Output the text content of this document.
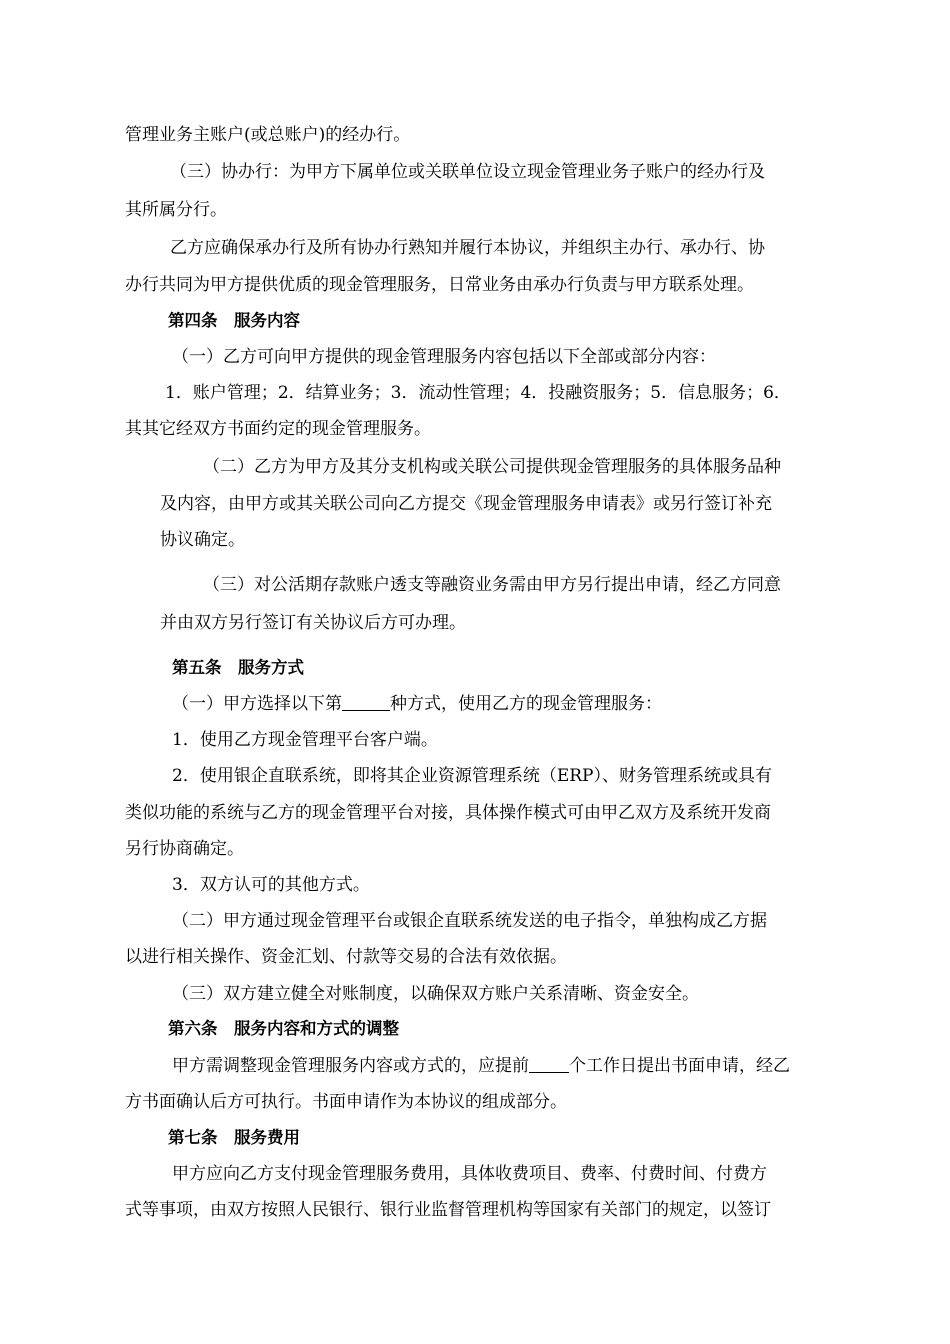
管理业务主账户(或总账户)的经办行。
（三）协办行：为甲方下属单位或关联单位设立现金管理业务子账户的经办行及
其所属分行。
乙方应确保承办行及所有协办行熟知并履行本协议，并组织主办行、承办行、协
办行共同为甲方提供优质的现金管理服务，日常业务由承办行负责与甲方联系处理。
第四条　服务内容
（一）乙方可向甲方提供的现金管理服务内容包括以下全部或部分内容：
1．账户管理；2．结算业务；3．流动性管理；4．投融资服务；5．信息服务；6．
其其它经双方书面约定的现金管理服务。
（二）乙方为甲方及其分支机构或关联公司提供现金管理服务的具体服务品种
及内容，由甲方或其关联公司向乙方提交《现金管理服务申请表》或另行签订补充
协议确定。
（三）对公活期存款账户透支等融资业务需由甲方另行提出申请，经乙方同意
并由双方另行签订有关协议后方可办理。
第五条　服务方式
（一）甲方选择以下第	种方式，使用乙方的现金管理服务：
1．使用乙方现金管理平台客户端。
2．使用银企直联系统，即将其企业资源管理系统（ERP）、财务管理系统或具有
类似功能的系统与乙方的现金管理平台对接，具体操作模式可由甲乙双方及系统开发商
另行协商确定。
3．双方认可的其他方式。
（二）甲方通过现金管理平台或银企直联系统发送的电子指令，单独构成乙方据
以进行相关操作、资金汇划、付款等交易的合法有效依据。
（三）双方建立健全对账制度，以确保双方账户关系清晰、资金安全。
第六条　服务内容和方式的调整
甲方需调整现金管理服务内容或方式的，应提前 个工作日提出书面申请，经乙
方书面确认后方可执行。书面申请作为本协议的组成部分。
第七条　服务费用
甲方应向乙方支付现金管理服务费用，具体收费项目、费率、付费时间、付费方
式等事项，由双方按照人民银行、银行业监督管理机构等国家有关部门的规定，以签订
